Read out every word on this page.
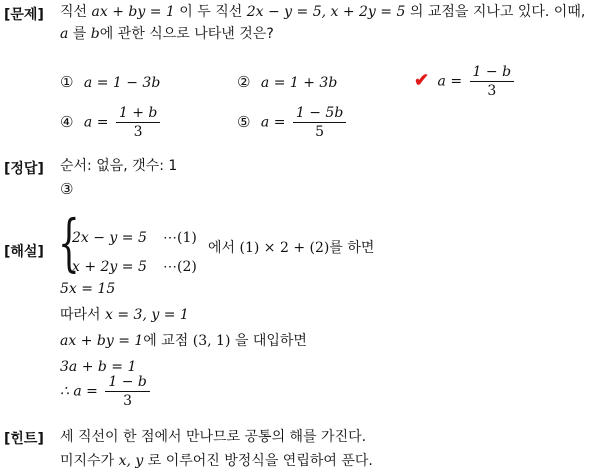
[문제] 직선 ax + by = 1 이 두 직선 2x − y = 5, x + 2y = 5 의 교점을 지나고 있다. 이때,
a 를 b에 관한 식으로 나타낸 것은?
① a = 1 − 3b	② a = 1 + 3b	✔ $a = \frac{1 - b}{3}$
④ $a = \frac{1 + b}{3}$	⑤ $a = \frac{1 - 5b}{5}$
[정답] 순서: 없음, 갯수: 1
③
[해설] {
2x − y = 5 ⋯(1)
x + 2y = 5 ⋯(2)
에서 (1) × 2 + (2)를 하면
5x = 15
따라서 x = 3, y = 1
ax + by = 1에 교점 (3, 1) 을 대입하면
3a + b = 1
∴ $a = \frac{1 - b}{3}$
[힌트] 세 직선이 한 점에서 만나므로 공통의 해를 가진다.
미지수가 x, y 로 이루어진 방정식을 연립하여 푼다.
